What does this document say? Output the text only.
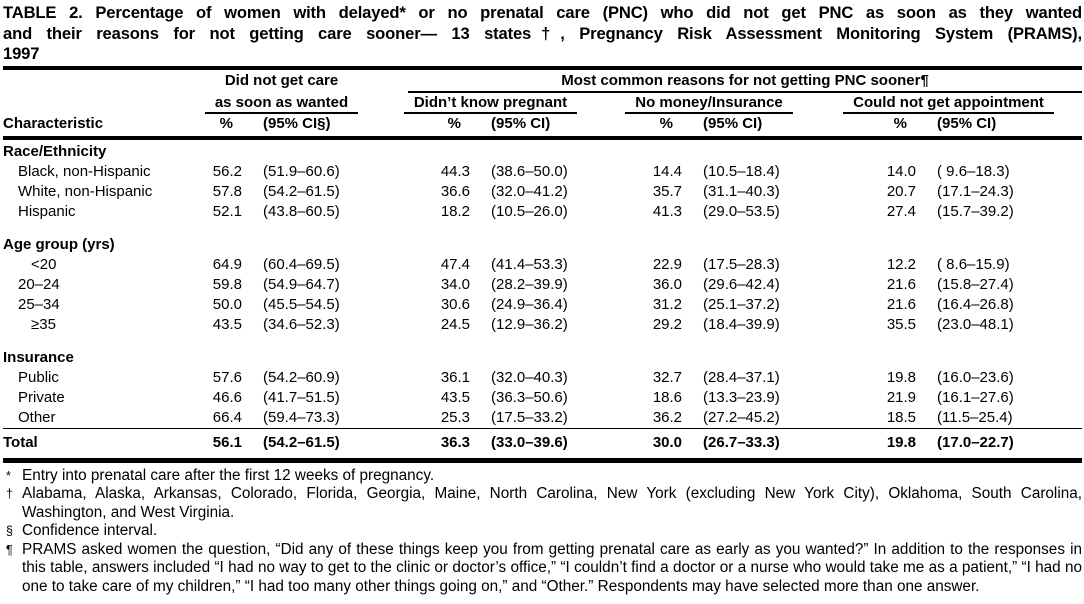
TABLE 2. Percentage of women with delayed* or no prenatal care (PNC) who did not get PNC as soon as they wanted
and their reasons for not getting care sooner— 13 states†, Pregnancy Risk Assessment Monitoring System (PRAMS),
1997
	Did not get care		Most common reasons for not getting PNC sooner¶					

	as soon as wanted		Didn’t know pregnant		No money/Insurance		Could not get appointment	
Characteristic	%	(95% CI§)	%	(95% CI)	%	(95% CI)	%	(95% CI)
Race/Ethnicity								
Black, non-Hispanic	56.2	(51.9–60.6)	44.3	(38.6–50.0)	14.4	(10.5–18.4)	14.0	( 9.6–18.3)
White, non-Hispanic	57.8	(54.2–61.5)	36.6	(32.0–41.2)	35.7	(31.1–40.3)	20.7	(17.1–24.3)
Hispanic	52.1	(43.8–60.5)	18.2	(10.5–26.0)	41.3	(29.0–53.5)	27.4	(15.7–39.2)

Age group (yrs)								
<20	64.9	(60.4–69.5)	47.4	(41.4–53.3)	22.9	(17.5–28.3)	12.2	( 8.6–15.9)
20–24	59.8	(54.9–64.7)	34.0	(28.2–39.9)	36.0	(29.6–42.4)	21.6	(15.8–27.4)
25–34	50.0	(45.5–54.5)	30.6	(24.9–36.4)	31.2	(25.1–37.2)	21.6	(16.4–26.8)
≥35	43.5	(34.6–52.3)	24.5	(12.9–36.2)	29.2	(18.4–39.9)	35.5	(23.0–48.1)

Insurance								
Public	57.6	(54.2–60.9)	36.1	(32.0–40.3)	32.7	(28.4–37.1)	19.8	(16.0–23.6)
Private	46.6	(41.7–51.5)	43.5	(36.3–50.6)	18.6	(13.3–23.9)	21.9	(16.1–27.6)
Other	66.4	(59.4–73.3)	25.3	(17.5–33.2)	36.2	(27.2–45.2)	18.5	(11.5–25.4)
Total	56.1	(54.2–61.5)	36.3	(33.0–39.6)	30.0	(26.7–33.3)	19.8	(17.0–22.7)
* Entry into prenatal care after the first 12 weeks of pregnancy.
† Alabama, Alaska, Arkansas, Colorado, Florida, Georgia, Maine, North Carolina, New York (excluding New York City), Oklahoma, South Carolina, Washington, and West Virginia.
§ Confidence interval.
¶ PRAMS asked women the question, “Did any of these things keep you from getting prenatal care as early as you wanted?” In addition to the responses in this table, answers included “I had no way to get to the clinic or doctor’s office,” “I couldn’t find a doctor or a nurse who would take me as a patient,” “I had no one to take care of my children,” “I had too many other things going on,” and “Other.” Respondents may have selected more than one answer.
